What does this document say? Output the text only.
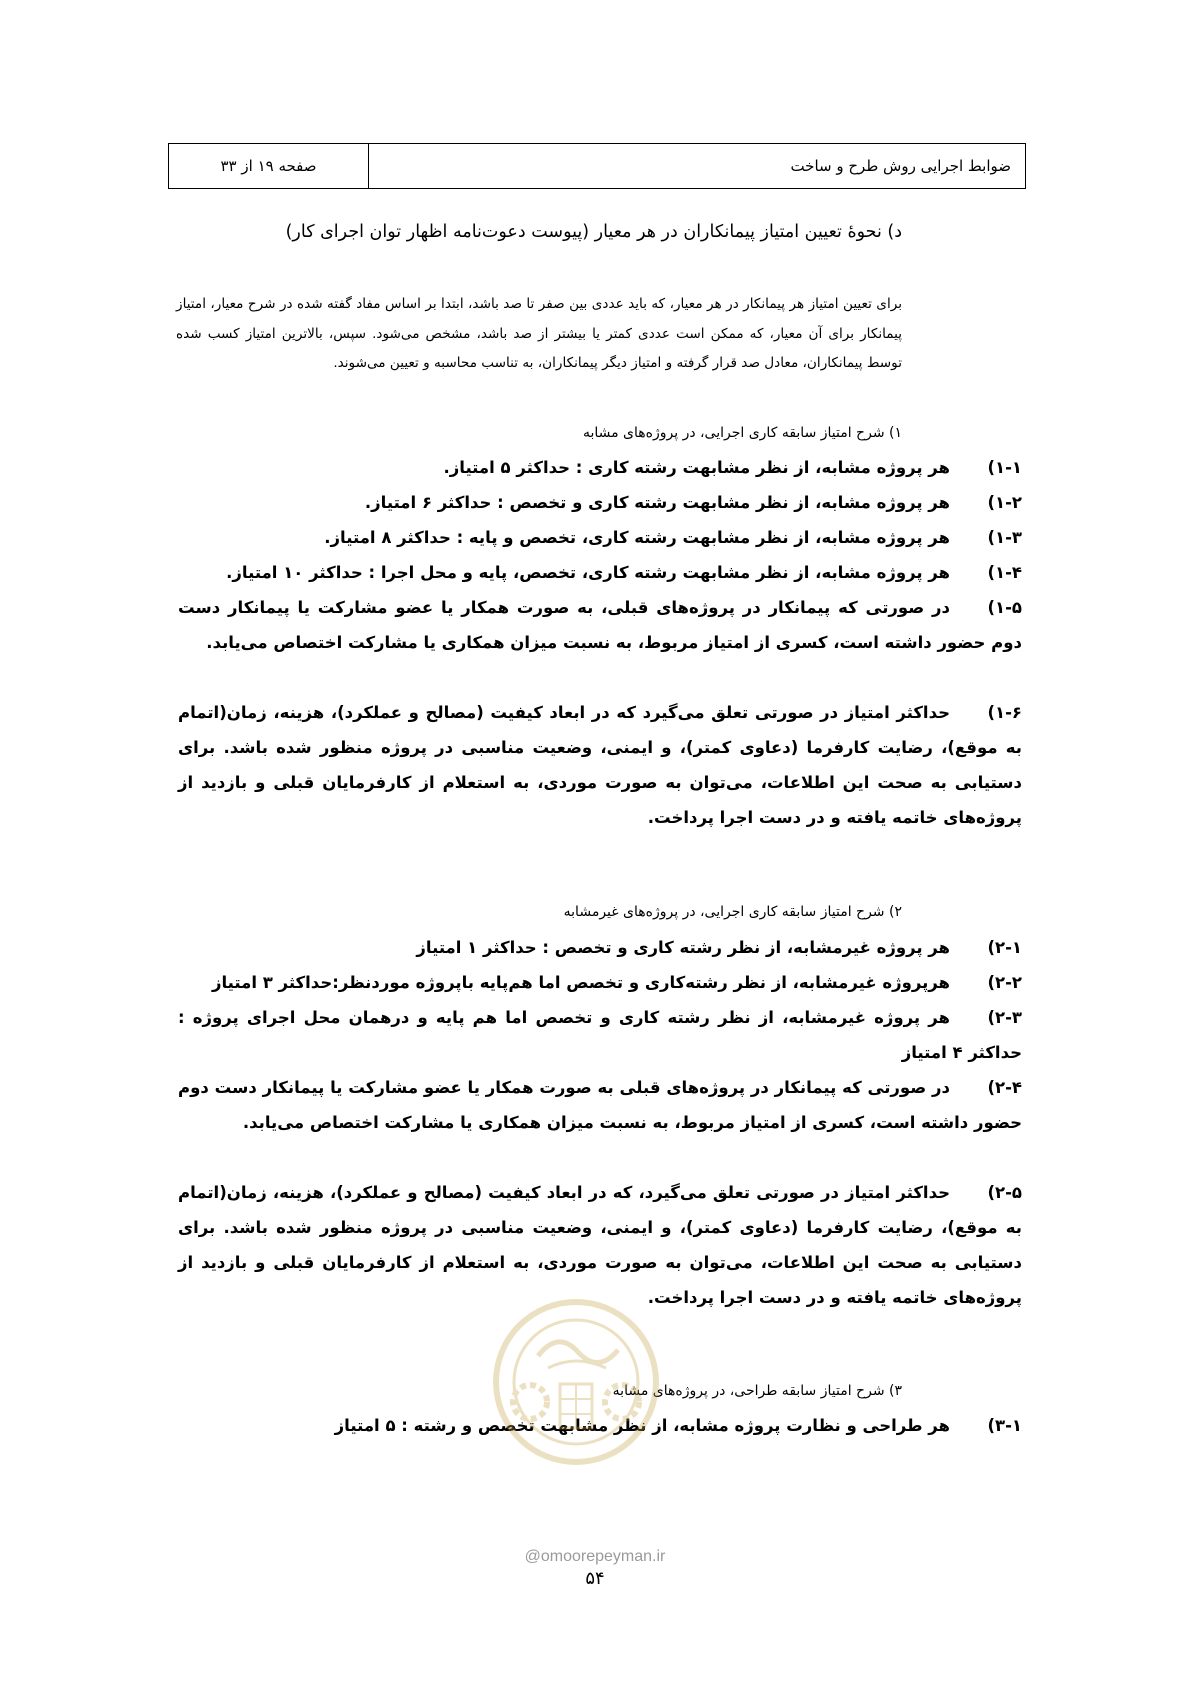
ضوابط اجرایی روش طرح و ساخت
صفحه ۱۹ از ۳۳
د) نحوۀ تعیین امتیاز پیمانکاران در هر معیار (پیوست دعوت‌نامه اظهار توان اجرای کار)
برای تعیین امتیاز هر پیمانکار در هر معیار، که باید عددی بین صفر تا صد باشد، ابتدا بر اساس مفاد گفته شده در شرح معیار، امتیاز پیمانکار برای آن معیار، که ممکن است عددی کمتر یا بیشتر از صد باشد، مشخص می‌شود. سپس، بالاترین امتیاز کسب شده توسط پیمانکاران، معادل صد قرار گرفته و امتیاز دیگر پیمانکاران، به تناسب محاسبه و تعیین می‌شوند.
۱) شرح امتیاز سابقه کاری اجرایی، در پروژه‌های مشابه
۱-۱)هر پروژه مشابه، از نظر مشابهت رشته کاری : حداکثر ۵ امتیاز.
۱-۲)هر پروژه مشابه، از نظر مشابهت رشته کاری و تخصص : حداکثر ۶ امتیاز.
۱-۳)هر پروژه مشابه، از نظر مشابهت رشته کاری، تخصص و پایه : حداکثر ۸ امتیاز.
۱-۴)هر پروژه مشابه، از نظر مشابهت رشته کاری، تخصص، پایه و محل اجرا : حداکثر ۱۰ امتیاز.
۱-۵)در صورتی که پیمانکار در پروژه‌های قبلی، به صورت همکار یا عضو مشارکت یا پیمانکار دست دوم حضور داشته است، کسری از امتیاز مربوط، به نسبت میزان همکاری یا مشارکت اختصاص می‌یابد.
۱-۶)حداکثر امتیاز در صورتی تعلق می‌گیرد که در ابعاد کیفیت (مصالح و عملکرد)، هزینه، زمان(اتمام به موقع)، رضایت کارفرما (دعاوی کمتر)، و ایمنی، وضعیت مناسبی در پروژه منظور شده باشد. برای دستیابی به صحت این اطلاعات، می‌توان به صورت موردی، به استعلام از کارفرمایان قبلی و بازدید از پروژه‌های خاتمه یافته و در دست اجرا پرداخت.
۲) شرح امتیاز سابقه کاری اجرایی، در پروژه‌های غیرمشابه
۲-۱)هر پروژه غیرمشابه، از نظر رشته کاری و تخصص : حداکثر ۱ امتیاز
۲-۲)هرپروژه غیرمشابه، از نظر رشته‌کاری و تخصص اما هم‌پایه باپروژه موردنظر:حداکثر ۳ امتیاز
۲-۳)هر پروژه غیرمشابه، از نظر رشته کاری و تخصص اما هم پایه و درهمان محل اجرای پروژه : حداکثر ۴ امتیاز
۲-۴)در صورتی که پیمانکار در پروژه‌های قبلی به صورت همکار یا عضو مشارکت یا پیمانکار دست دوم حضور داشته است، کسری از امتیاز مربوط، به نسبت میزان همکاری یا مشارکت اختصاص می‌یابد.
۲-۵)حداکثر امتیاز در صورتی تعلق می‌گیرد، که در ابعاد کیفیت (مصالح و عملکرد)، هزینه، زمان(اتمام به موقع)، رضایت کارفرما (دعاوی کمتر)، و ایمنی، وضعیت مناسبی در پروژه منظور شده باشد. برای دستیابی به صحت این اطلاعات، می‌توان به صورت موردی، به استعلام از کارفرمایان قبلی و بازدید از پروژه‌های خاتمه یافته و در دست اجرا پرداخت.
۳) شرح امتیاز سابقه طراحی، در پروژه‌های مشابه
۳-۱)هر طراحی و نظارت پروژه مشابه، از نظر مشابهت تخصص و رشته : ۵ امتیاز
@omoorepeyman.ir
۵۴
